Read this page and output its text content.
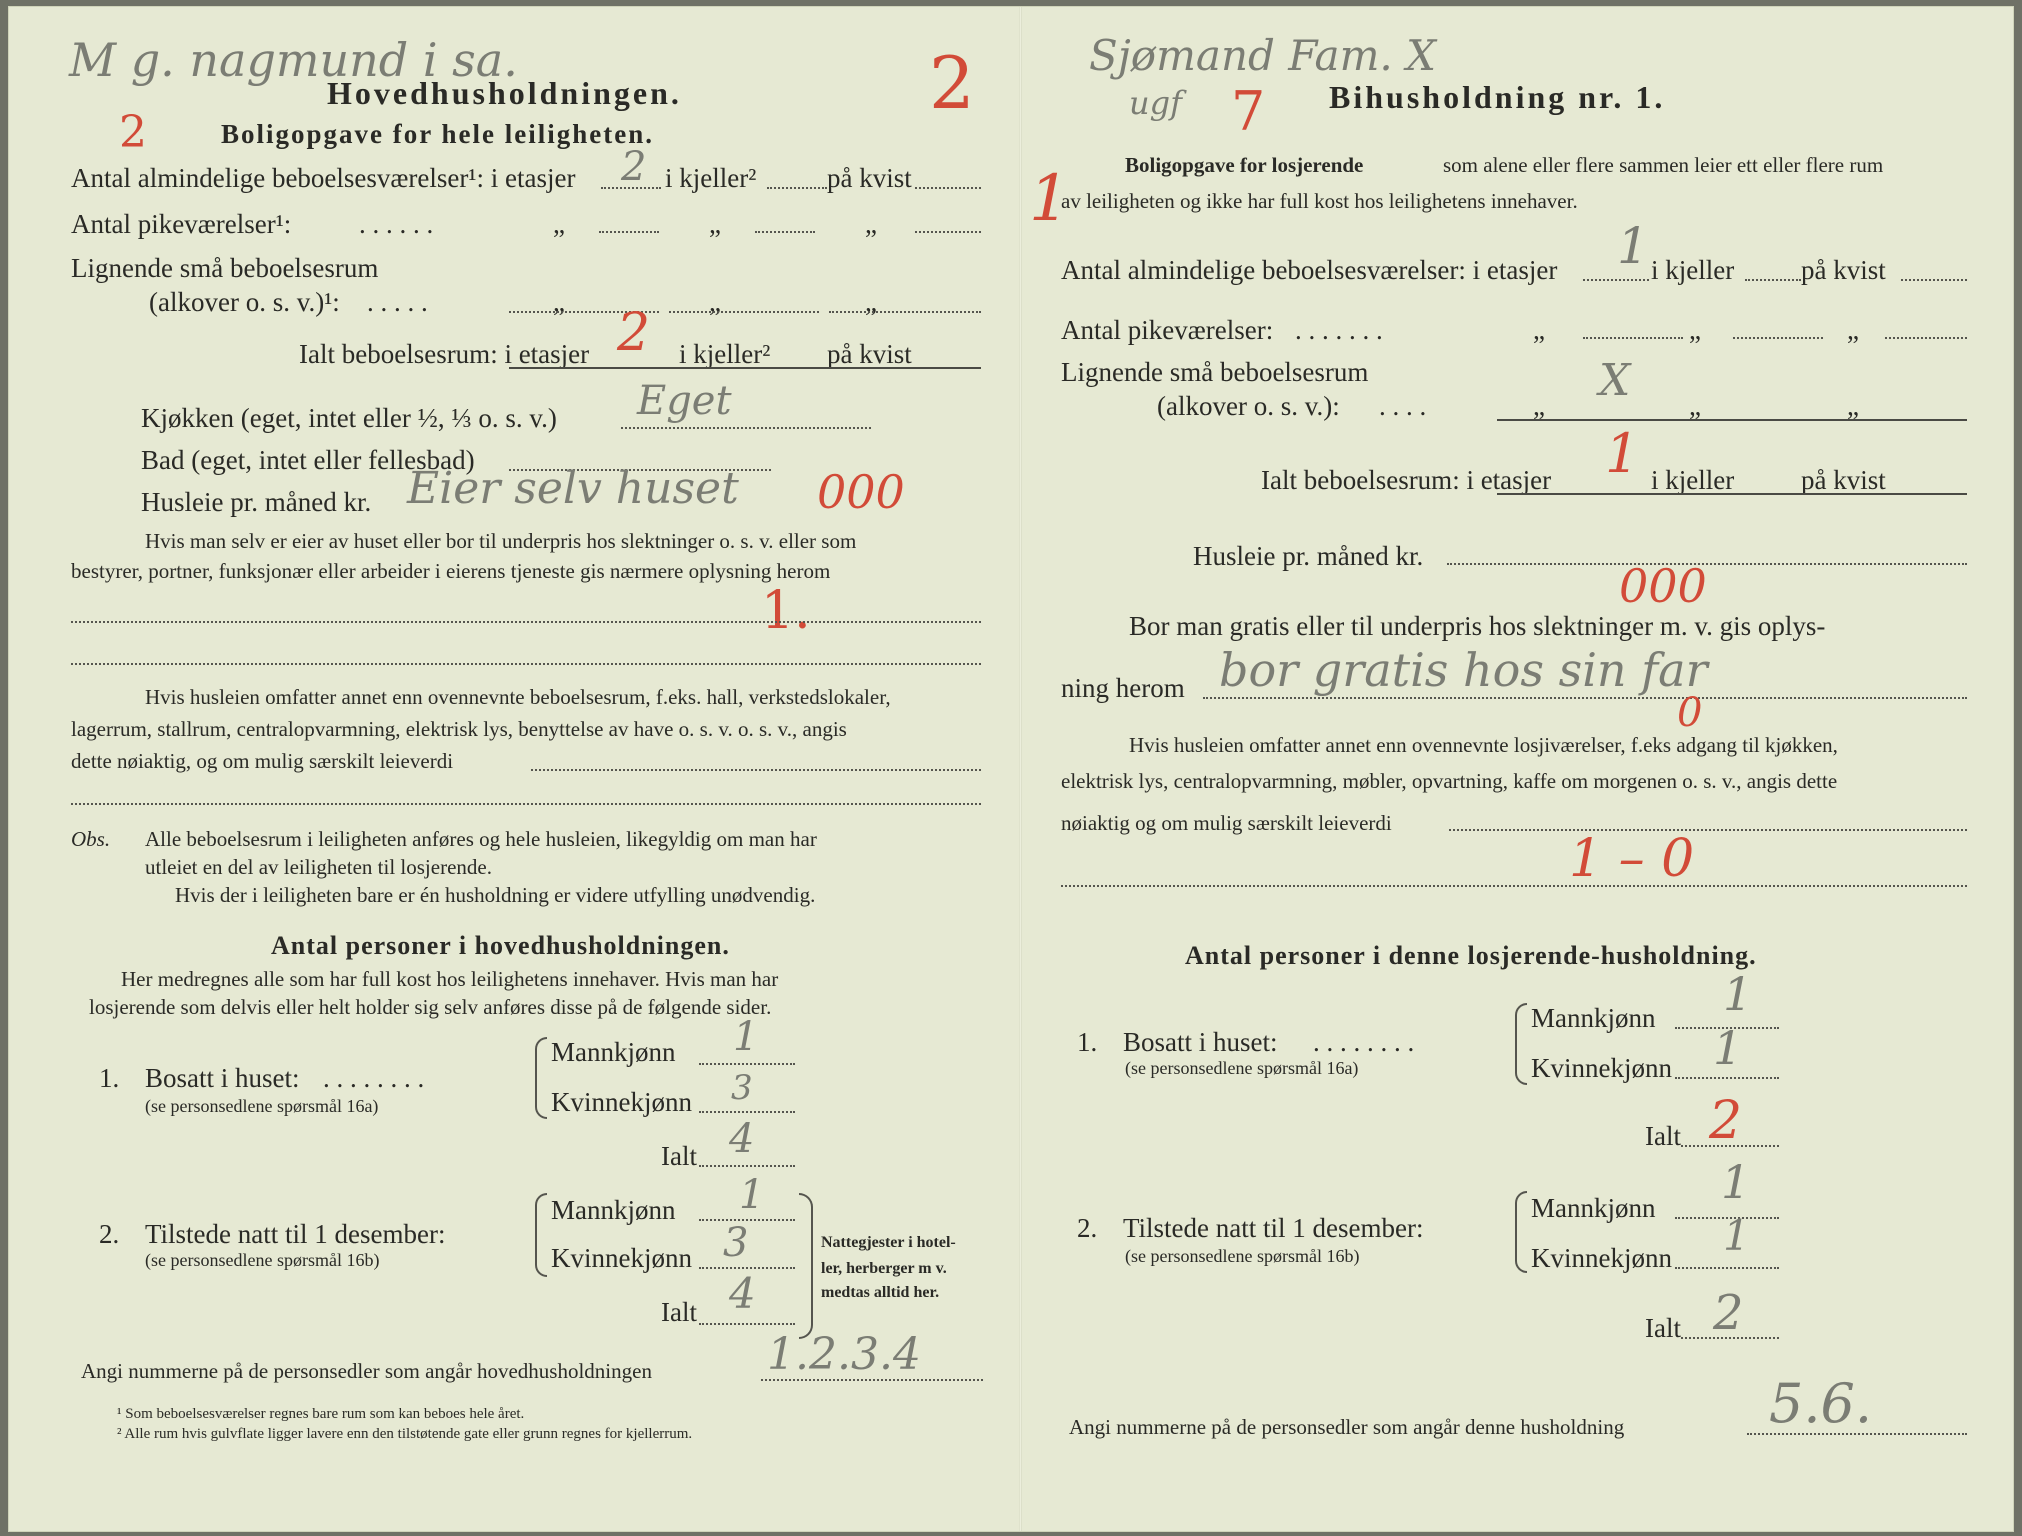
M g. nagmund i sa.
Hovedhusholdningen.	2
2	Boligopgave for hele leiligheten.
Antal almindelige beboelsesværelser¹: i etasjer 2 i kjeller²	på kvist
Antal pikeværelser¹:	. . . . . .	„	„	„
Lignende små beboelsesrum
(alkover o. s. v.)¹: . . . . .	„	„	„
Ialt beboelsesrum: i etasjer 2 i kjeller² på kvist
Kjøkken (eget, intet eller ½, ⅓ o. s. v.) Eget
Bad (eget, intet eller fellesbad)
Husleie pr. måned kr. Eier selv huset 000
Hvis man selv er eier av huset eller bor til underpris hos slektninger o. s. v. eller som
bestyrer, portner, funksjonær eller arbeider i eierens tjeneste gis nærmere oplysning herom
1.
Hvis husleien omfatter annet enn ovennevnte beboelsesrum, f.eks. hall, verkstedslokaler,
lagerrum, stallrum, centralopvarmning, elektrisk lys, benyttelse av have o. s. v. o. s. v., angis
dette nøiaktig, og om mulig særskilt leieverdi
Obs. Alle beboelsesrum i leiligheten anføres og hele husleien, likegyldig om man har
utleiet en del av leiligheten til losjerende.
Hvis der i leiligheten bare er én husholdning er videre utfylling unødvendig.
Antal personer i hovedhusholdningen.
Her medregnes alle som har full kost hos leilighetens innehaver. Hvis man har
losjerende som delvis eller helt holder sig selv anføres disse på de følgende sider.
1. Bosatt i huset: . . . . . . . .
(se personsedlene spørsmål 16a)
Mannkjønn 1
Kvinnekjønn 3
Ialt 4
2. Tilstede natt til 1 desember:
(se personsedlene spørsmål 16b)
Mannkjønn 1
Kvinnekjønn 3
Ialt 4
Nattegjester i hotel-
ler, herberger m v.
medtas alltid her.
Angi nummerne på de personsedler som angår hovedhusholdningen	1.2.3.4
¹ Som beboelsesværelser regnes bare rum som kan beboes hele året.
² Alle rum hvis gulvflate ligger lavere enn den tilstøtende gate eller grunn regnes for kjellerrum.
Sjømand Fam. X
ugf 7 Bihusholdning nr. 1.
1	Boligopgave for losjerende	som alene eller flere sammen leier ett eller flere rum
av leiligheten og ikke har full kost hos leilighetens innehaver.
Antal almindelige beboelsesværelser: i etasjer 1 i kjeller på kvist
Antal pikeværelser: . . . . . . .	„	„	„
Lignende små beboelsesrum
(alkover o. s. v.): . . . .	„ X „	„
Ialt beboelsesrum: i etasjer 1 i kjeller på kvist
Husleie pr. måned kr.
000
Bor man gratis eller til underpris hos slektninger m. v. gis oplys-
ning herom bor gratis hos sin far
0
Hvis husleien omfatter annet enn ovennevnte losjiværelser, f.eks adgang til kjøkken,
elektrisk lys, centralopvarmning, møbler, opvartning, kaffe om morgenen o. s. v., angis dette
nøiaktig og om mulig særskilt leieverdi
1 – 0
Antal personer i denne losjerende-husholdning.
1. Bosatt i huset: . . . . . . . .
(se personsedlene spørsmål 16a)
Mannkjønn 1
Kvinnekjønn 1
Ialt 2
2. Tilstede natt til 1 desember:
(se personsedlene spørsmål 16b)
Mannkjønn 1
Kvinnekjønn 1
Ialt 2
Angi nummerne på de personsedler som angår denne husholdning	5.6.
